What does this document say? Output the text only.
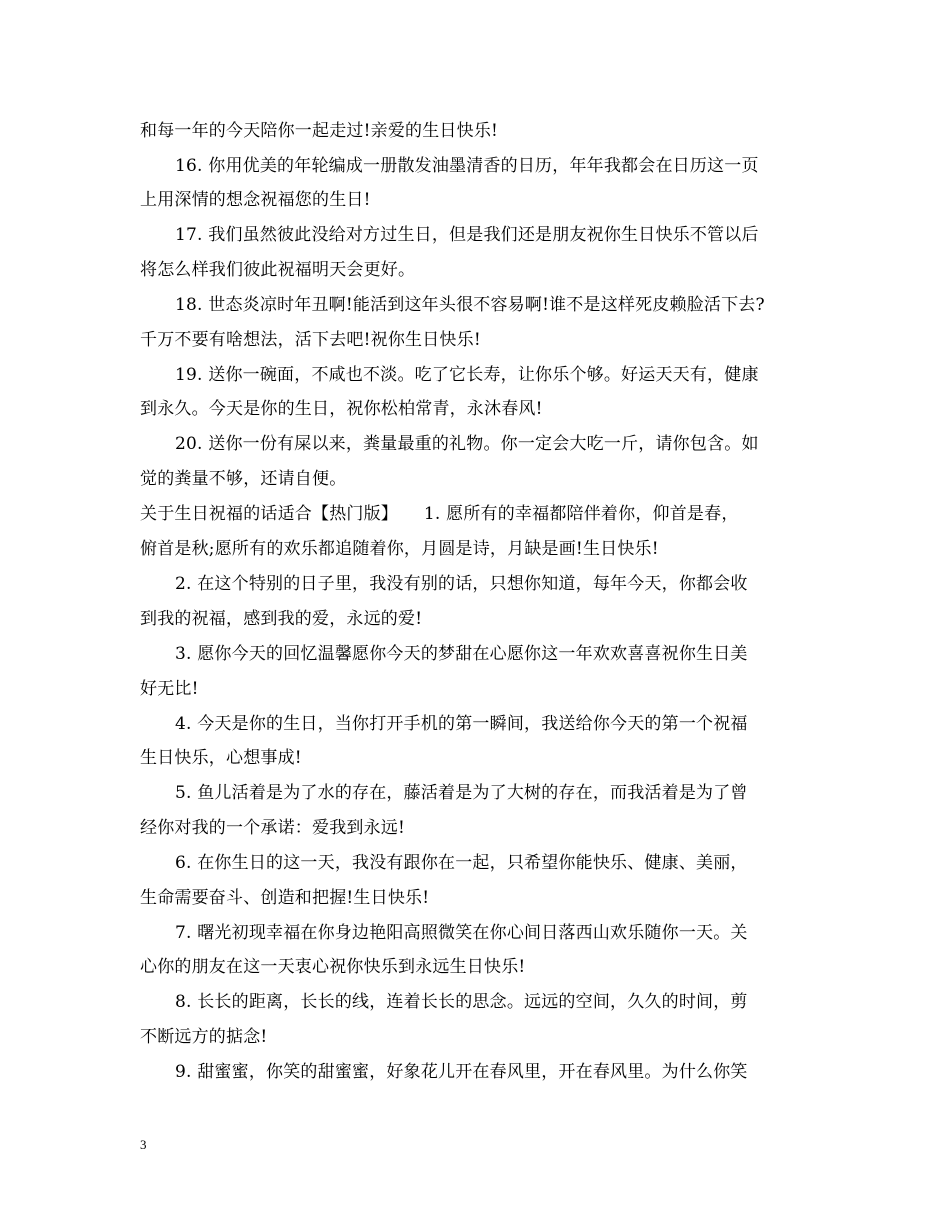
和每一年的今天陪你一起走过!亲爱的生日快乐!
16. 你用优美的年轮编成一册散发油墨清香的日历，年年我都会在日历这一页
上用深情的想念祝福您的生日!
17. 我们虽然彼此没给对方过生日，但是我们还是朋友祝你生日快乐不管以后
将怎么样我们彼此祝福明天会更好。
18. 世态炎凉时年丑啊!能活到这年头很不容易啊!谁不是这样死皮赖脸活下去?
千万不要有啥想法，活下去吧!祝你生日快乐!
19. 送你一碗面，不咸也不淡。吃了它长寿，让你乐个够。好运天天有，健康
到永久。今天是你的生日，祝你松柏常青，永沐春风!
20. 送你一份有屎以来，粪量最重的礼物。你一定会大吃一斤，请你包含。如
觉的粪量不够，还请自便。
关于生日祝福的话适合【热门版】　　1. 愿所有的幸福都陪伴着你，仰首是春，
俯首是秋;愿所有的欢乐都追随着你，月圆是诗，月缺是画!生日快乐!
2. 在这个特别的日子里，我没有别的话，只想你知道，每年今天，你都会收
到我的祝福，感到我的爱，永远的爱!
3. 愿你今天的回忆温馨愿你今天的梦甜在心愿你这一年欢欢喜喜祝你生日美
好无比!
4. 今天是你的生日，当你打开手机的第一瞬间，我送给你今天的第一个祝福
生日快乐，心想事成!
5. 鱼儿活着是为了水的存在，藤活着是为了大树的存在，而我活着是为了曾
经你对我的一个承诺：爱我到永远!
6. 在你生日的这一天，我没有跟你在一起，只希望你能快乐、健康、美丽，
生命需要奋斗、创造和把握!生日快乐!
7. 曙光初现幸福在你身边艳阳高照微笑在你心间日落西山欢乐随你一天。关
心你的朋友在这一天衷心祝你快乐到永远生日快乐!
8. 长长的距离，长长的线，连着长长的思念。远远的空间，久久的时间，剪
不断远方的掂念!
9. 甜蜜蜜，你笑的甜蜜蜜，好象花儿开在春风里，开在春风里。为什么你笑
3
